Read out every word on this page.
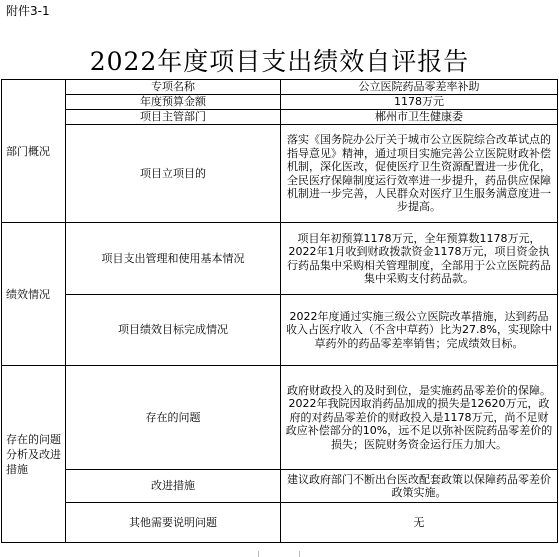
附件3-1
2022年度项目支出绩效自评报告
部门概况	专项名称	公立医院药品零差率补助
	年度预算金额	1178万元
	项目主管部门	郴州市卫生健康委
	项目立项目的	落实《国务院办公厅关于城市公立医院综合改革试点的指导意见》精神，通过项目实施完善公立医院财政补偿机制，深化医改，促使医疗卫生资源配置进一步优化，全民医疗保障制度运行效率进一步提升，药品供应保障机制进一步完善，人民群众对医疗卫生服务满意度进一步提高。
绩效情况	项目支出管理和使用基本情况	项目年初预算1178万元，全年预算数1178万元，2022年1月收到财政拨款资金1178万元，项目资金执行药品集中采购相关管理制度，全部用于公立医院药品集中采购支付药品款。
	项目绩效目标完成情况	2022年度通过实施三级公立医院改革措施，达到药品收入占医疗收入（不含中草药）比为27.8%，实现除中草药外的药品零差率销售；完成绩效目标。
存在的问题分析及改进措施	存在的问题	政府财政投入的及时到位，是实施药品零差价的保障。2022年我院因取消药品加成的损失是12620万元，政府的对药品零差价的财政投入是1178万元，尚不足财政应补偿部分的10%，远不足以弥补医院药品零差价的损失；医院财务资金运行压力加大。
	改进措施	建议政府部门不断出台医改配套政策以保障药品零差价政策实施。
	其他需要说明问题	无
